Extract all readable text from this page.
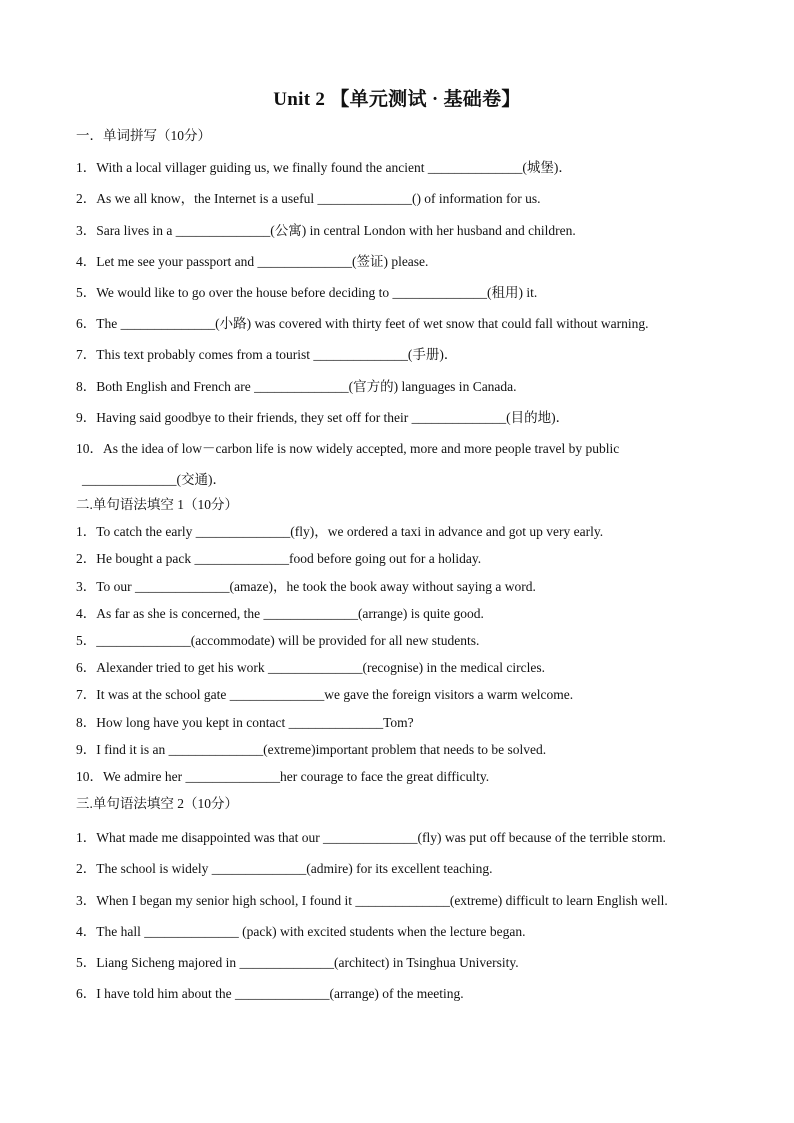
Unit 2 【单元测试 · 基础卷】
一．单词拼写（10分）
1．With a local villager guiding us, we finally found the ancient ______________(城堡)．
2．As we all know，the Internet is a useful ______________() of information for us.
3．Sara lives in a ______________(公寓) in central London with her husband and children.
4．Let me see your passport and ______________(签证) please.
5．We would like to go over the house before deciding to ______________(租用) it.
6．The ______________(小路) was covered with thirty feet of wet snow that could fall without warning.
7．This text probably comes from a tourist ______________(手册)．
8．Both English and French are ______________(官方的) languages in Canada.
9．Having said goodbye to their friends, they set off for their ______________(目的地)．
10．As the idea of low－carbon life is now widely accepted, more and more people travel by public
______________(交通)．
二.单句语法填空 1（10分）
1．To catch the early ______________(fly)，we ordered a taxi in advance and got up very early.
2．He bought a pack ______________food before going out for a holiday.
3．To our ______________(amaze)，he took the book away without saying a word.
4．As far as she is concerned, the ______________(arrange) is quite good.
5．______________(accommodate) will be provided for all new students.
6．Alexander tried to get his work ______________(recognise) in the medical circles.
7．It was at the school gate ______________we gave the foreign visitors a warm welcome.
8．How long have you kept in contact ______________Tom?
9．I find it is an ______________(extreme)important problem that needs to be solved.
10．We admire her ______________her courage to face the great difficulty.
三.单句语法填空 2（10分）
1．What made me disappointed was that our ______________(fly) was put off because of the terrible storm.
2．The school is widely ______________(admire) for its excellent teaching.
3．When I began my senior high school, I found it ______________(extreme) difficult to learn English well.
4．The hall ______________ (pack) with excited students when the lecture began.
5．Liang Sicheng majored in ______________(architect) in Tsinghua University.
6．I have told him about the ______________(arrange) of the meeting.
